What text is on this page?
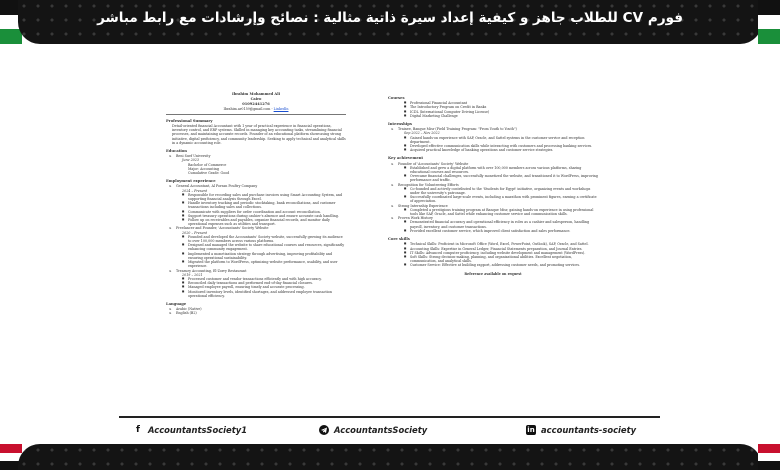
فورم CV للطلاب جاهز و كيفية إعداد سيرة ذاتية مثالية : نصائح وإرشادات مع رابط مباشر
Ibrahim Mohammed Ali
Cairo
01092441276
Ibrahim.ar0159@gmail.com - LinkedIn
Professional Summary
Detail-oriented financial Accountant with 1 year of practical experience in financial operations, inventory control, and ERP systems. Skilled in managing key accounting tasks, streamlining financial processes, and maintaining accurate records. Founder of an educational platform showcasing strong initiative, digital proficiency, and community leadership. Seeking to apply technical and analytical skills in a dynamic accounting role.
Education
➤ Beni Suef University
June 2023
Bachelor of Commerce
Major: Accounting
Cumulative Grade: Good
Employment experience
➤ General Accountant, Al Forsan Poultry Company
2024 – Present
■ Responsible for recording sales and purchase invoices using Smart Accounting System, and supporting financial analysis through Excel.
■ Handle inventory tracking and periodic stocktaking, bank reconciliations, and customer transactions including sales and collections.
■ Communicate with suppliers for order coordination and account reconciliation.
■ Support treasury operations during cashier's absence and ensure accurate cash handling.
■ Follow up on receivables and payables, organize financial records, and monitor daily operational expenses such as utilities and transport.
➤ Freelancer and Founder, 'Accountants' Society Website
2020 – Present
■ Founded and developed the Accountants' Society website, successfully growing its audience to over 100,000 members across various platforms.
■ Designed and managed the website to share educational courses and resources, significantly enhancing community engagement.
■ Implemented a monetization strategy through advertising, improving profitability and ensuring operational sustainability.
■ Migrated the platform to WordPress, optimizing website performance, usability, and user experience.
➤ Treasury Accounting, El-Zorry Restaurant
2019 – 2021
■ Processed customer and vendor transactions efficiently and with high accuracy.
■ Reconciled daily transactions and performed end-of-day financial closures.
■ Managed employee payroll, ensuring timely and accurate processing.
■ Monitored inventory levels, identified shortages, and addressed employee transaction operational efficiency.
Language
➤ Arabic (Native)
➤ English (B2)
Courses
■ Professional Financial Accountant
■ The Introductory Program on Credit in Banks
■ ICDL (International Computer Driving License)
■ Digital Marketing Challenge
Internships
➤ Trainee, Banque Misr (Field Training Program: "From Youth to Youth")
Sep 2022 – Nov 2022
■ Gained hands-on experience with SAP, Oracle, and Sattel systems in the customer service and reception department.
■ Developed effective communication skills while interacting with customers and processing banking services.
■ Acquired practical knowledge of banking operations and customer service strategies.
Key achievement
➤ Founder of 'Accountants' Society' Website
■ Established and grew a digital platform with over 100,000 members across various platforms, sharing educational courses and resources.
■ Overcame financial challenges, successfully monetized the website, and transitioned it to WordPress, improving performance and traffic.
➤ Recognition for Volunteering Efforts
■ Co-founded and actively contributed to the 'Students for Egypt' initiative, organizing events and workshops under the university's patronage.
■ Successfully coordinated large-scale events, including a marathon with prominent figures, earning a certificate of appreciation.
➤ Strong Internship Experience
■ Completed a prestigious training program at Banque Misr, gaining hands-on experience in using professional tools like SAP, Oracle, and Sattel while enhancing customer service and communication skills.
➤ Proven Work History
■ Demonstrated financial accuracy and operational efficiency in roles as a cashier and salesperson, handling payroll, inventory, and customer transactions.
■ Provided excellent customer service, which improved client satisfaction and sales performance.
Core skills
■ Technical Skills: Proficient in Microsoft Office (Word, Excel, PowerPoint, Outlook), SAP, Oracle, and Sattel.
■ Accounting Skills: Expertise in General Ledger, Financial Statements preparation, and Journal Entries.
■ IT Skills: Advanced computer proficiency, including website development and management (WordPress).
■ Soft Skills: Strong decision-making, planning, and organizational abilities. Excellent negotiation, communication, and analytical skills.
■ Customer Service: Effective at building rapport, addressing customer needs, and promoting services.
Reference available on request
f AccountantsSociety1	AccountantsSociety	in accountants-society
